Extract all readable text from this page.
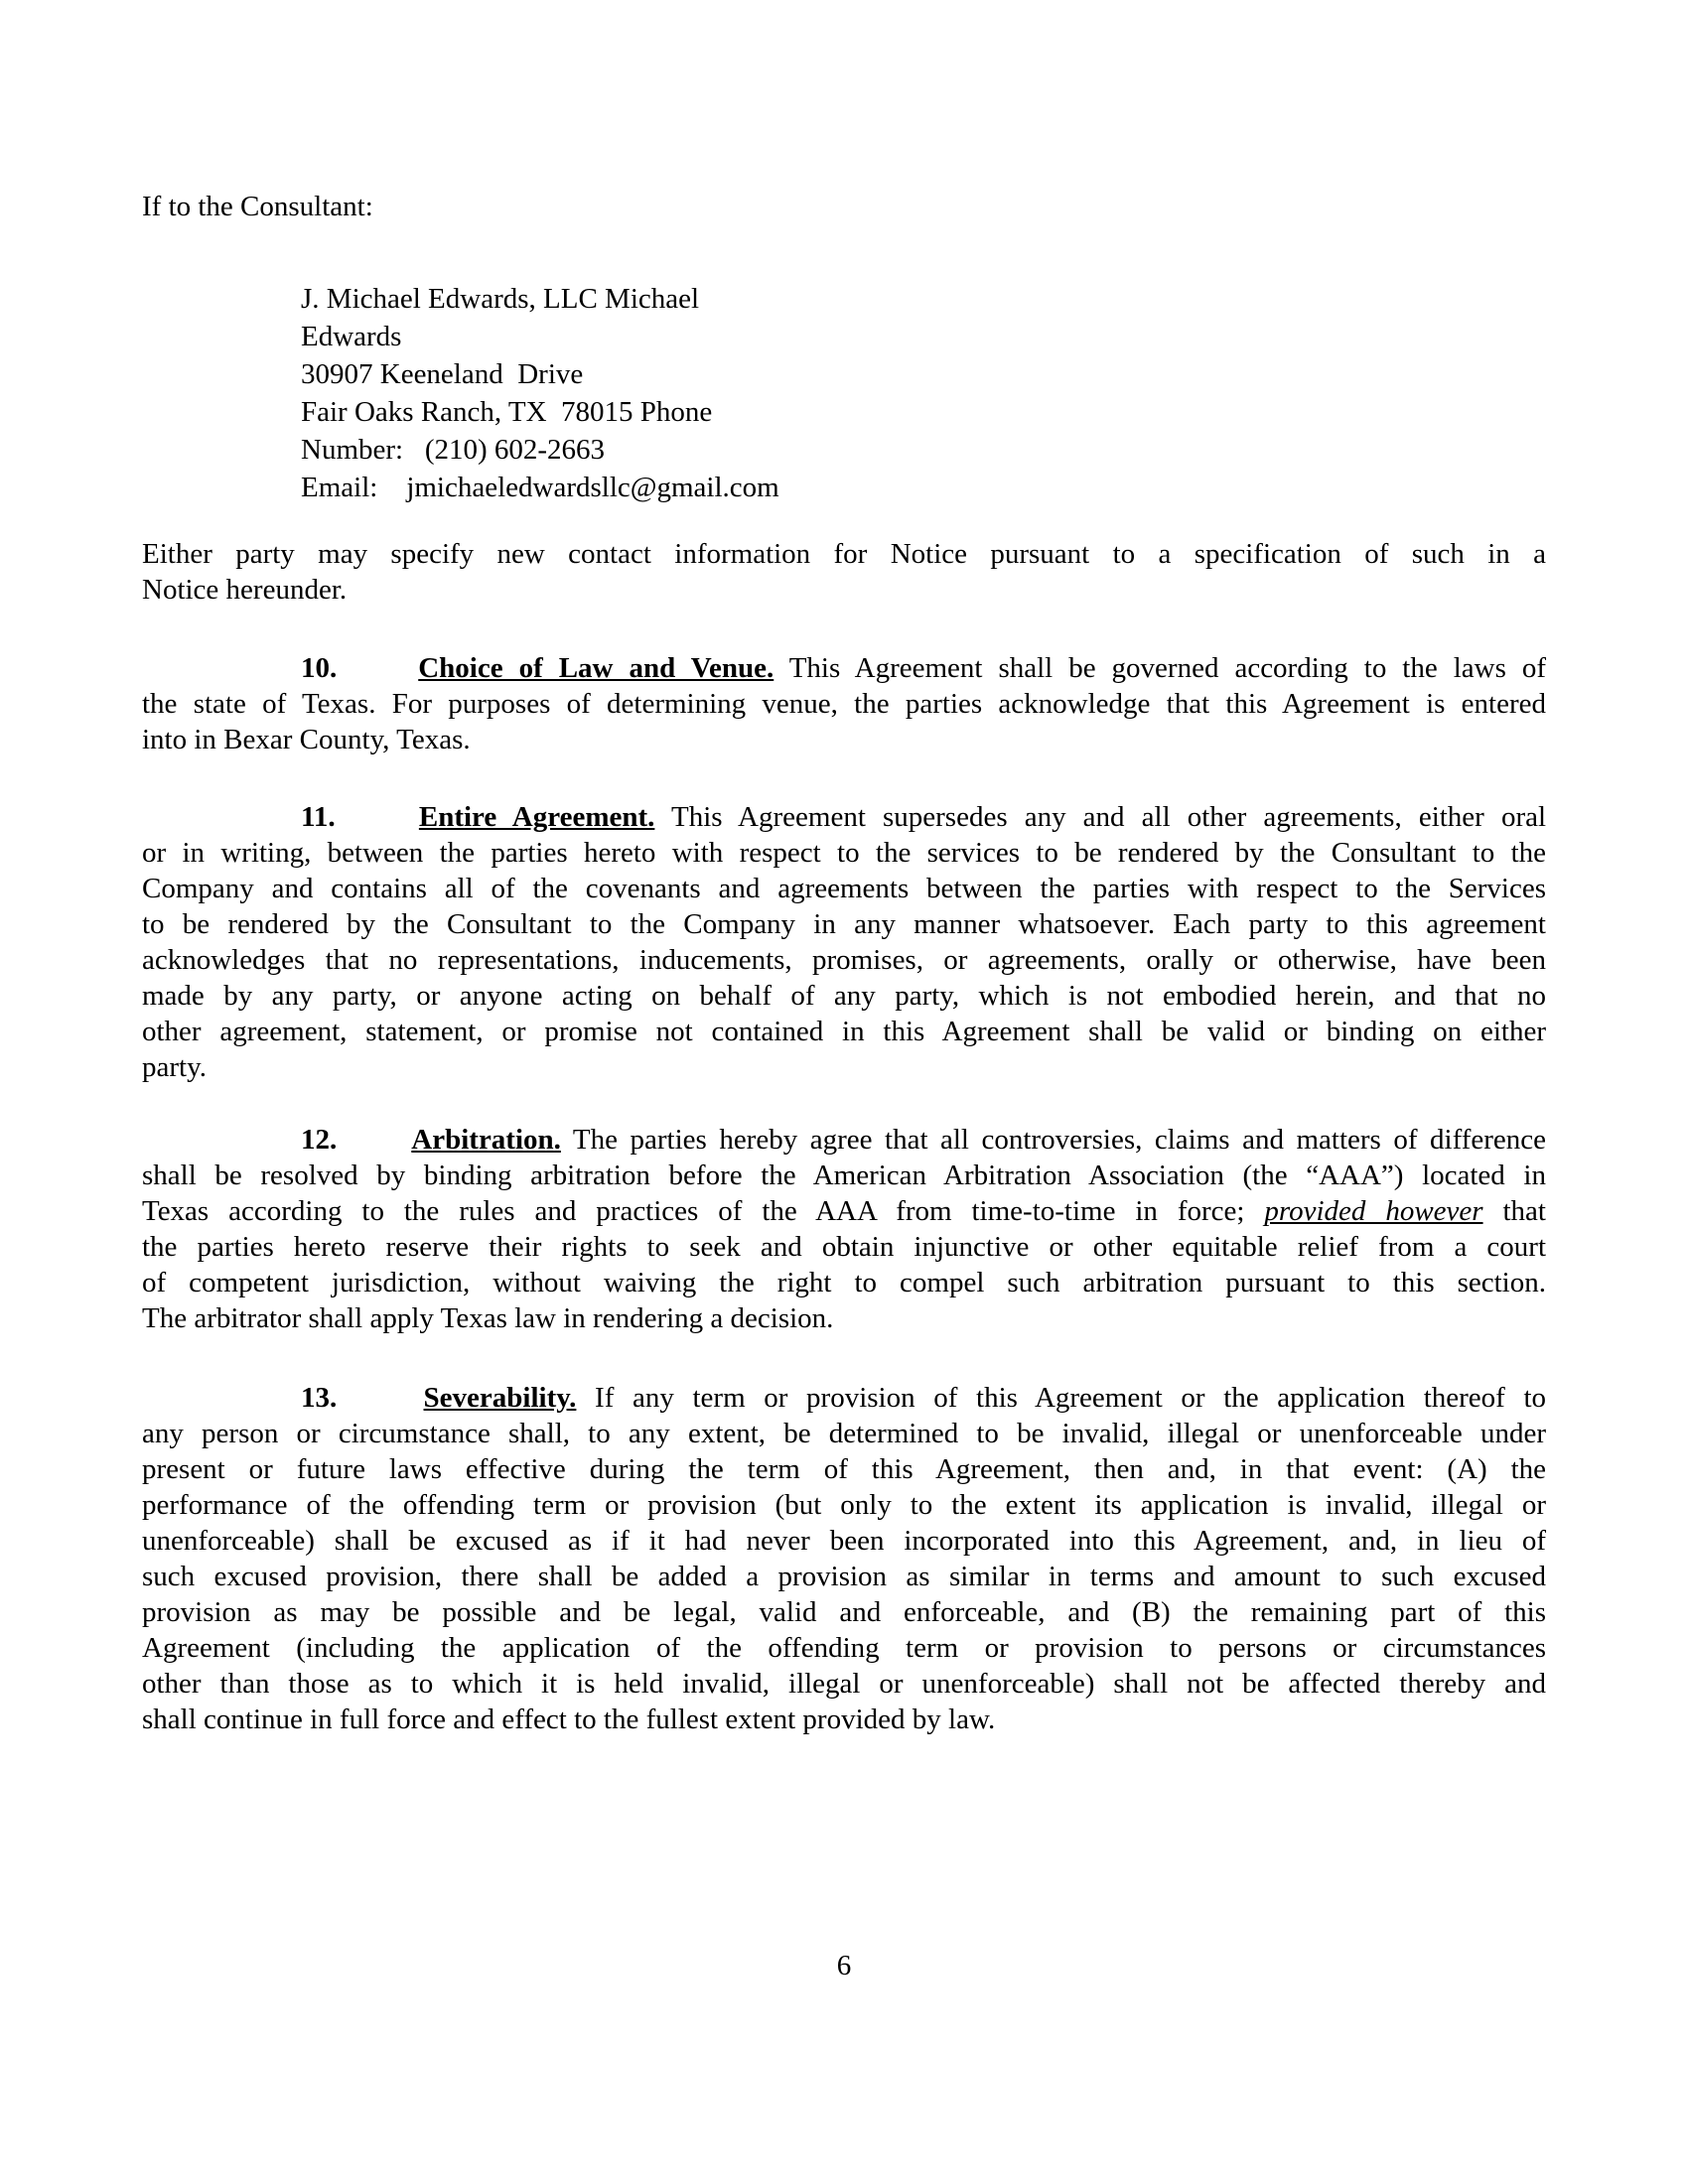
If to the Consultant:
J. Michael Edwards, LLC Michael
Edwards
30907 Keeneland  Drive
Fair Oaks Ranch, TX  78015 Phone
Number:   (210) 602-2663
Email:    jmichaeledwardsllc@gmail.com
Either party may specify new contact information for Notice pursuant to a specification of such in a
Notice hereunder.
10.	Choice of Law and Venue. This Agreement shall be governed according to the laws of
the state of Texas. For purposes of determining venue, the parties acknowledge that this Agreement is entered
into in Bexar County, Texas.
11.	Entire Agreement. This Agreement supersedes any and all other agreements, either oral
or in writing, between the parties hereto with respect to the services to be rendered by the Consultant to the
Company and contains all of the covenants and agreements between the parties with respect to the Services
to be rendered by the Consultant to the Company in any manner whatsoever. Each party to this agreement
acknowledges that no representations, inducements, promises, or agreements, orally or otherwise, have been
made by any party, or anyone acting on behalf of any party, which is not embodied herein, and that no
other agreement, statement, or promise not contained in this Agreement shall be valid or binding on either
party.
12.	Arbitration. The parties hereby agree that all controversies, claims and matters of difference
shall be resolved by binding arbitration before the American Arbitration Association (the “AAA”) located in
Texas according to the rules and practices of the AAA from time-to-time in force; provided however that
the parties hereto reserve their rights to seek and obtain injunctive or other equitable relief from a court
of competent jurisdiction, without waiving the right to compel such arbitration pursuant to this section.
The arbitrator shall apply Texas law in rendering a decision.
13.	Severability. If any term or provision of this Agreement or the application thereof to
any person or circumstance shall, to any extent, be determined to be invalid, illegal or unenforceable under
present or future laws effective during the term of this Agreement, then and, in that event: (A) the
performance of the offending term or provision (but only to the extent its application is invalid, illegal or
unenforceable) shall be excused as if it had never been incorporated into this Agreement, and, in lieu of
such excused provision, there shall be added a provision as similar in terms and amount to such excused
provision as may be possible and be legal, valid and enforceable, and (B) the remaining part of this
Agreement (including the application of the offending term or provision to persons or circumstances
other than those as to which it is held invalid, illegal or unenforceable) shall not be affected thereby and
shall continue in full force and effect to the fullest extent provided by law.
6
